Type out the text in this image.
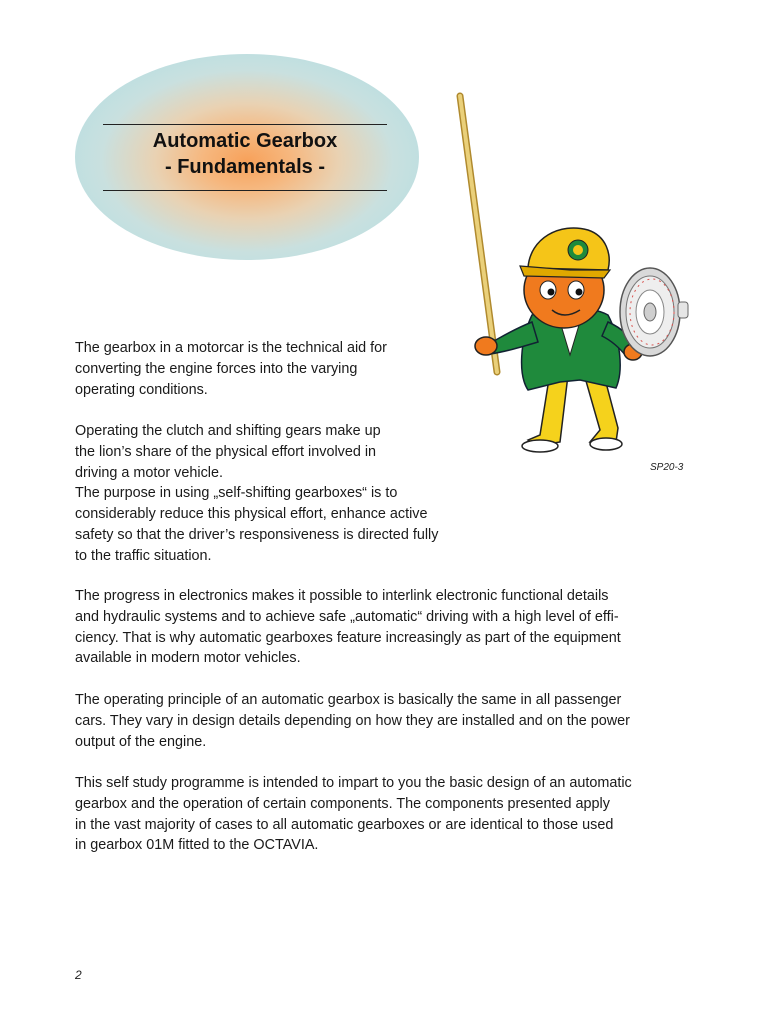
Automatic Gearbox
- Fundamentals -
SP20-3
The gearbox in a motorcar is the technical aid for
converting the engine forces into the varying
operating conditions.
Operating the clutch and shifting gears make up
the lion’s share of the physical effort involved in
driving a motor vehicle.
The purpose in using „self-shifting gearboxes“ is to
considerably reduce this physical effort, enhance active
safety so that the driver’s responsiveness is directed fully
to the traffic situation.
The progress in electronics makes it possible to interlink electronic functional details
and hydraulic systems and to achieve safe „automatic“ driving with a high level of effi-
ciency. That is why automatic gearboxes feature increasingly as part of the equipment
available in modern motor vehicles.
The operating principle of an automatic gearbox is basically the same in all passenger
cars. They vary in design details depending on how they are installed and on the power
output of the engine.
This self study programme is intended to impart to you the basic design of an automatic
gearbox and the operation of certain components. The components presented apply
in the vast majority of cases to all automatic gearboxes or are identical to those used
in gearbox 01M fitted to the OCTAVIA.
2
